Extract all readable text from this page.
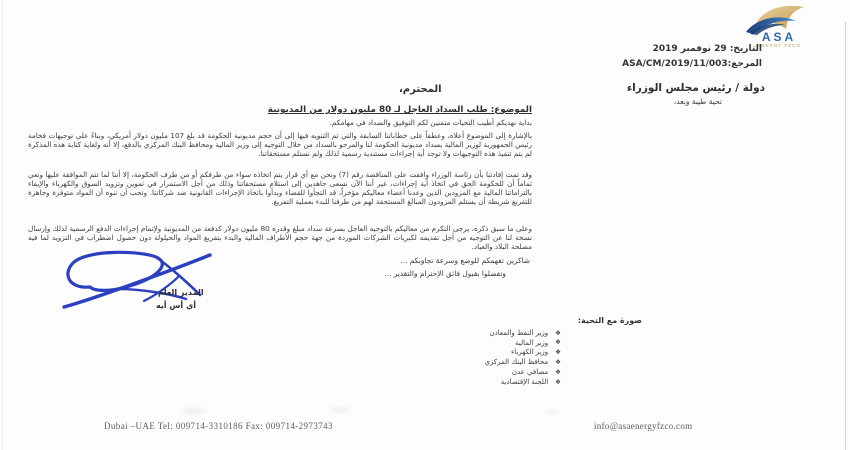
ASA
ENERGY FZCO
التاريخ: 29 نوفمبر 2019
المرجع:2019/11/003/ASA/CM
دولة / رئيس مجلس الوزراء
المحترم،
تحية طيبة وبعد،
الموضوع: طلب السداد العاجل لـ 80 مليون دولار من المديونية
بداية نهديكم أطيب التحيات متمنين لكم التوفيق والسداد في مهامكم.
بالإشارة إلى الموضوع أعلاه، وعطفاً على خطاباتنا السابقة والتي تم التنويه فيها إلى أن حجم مديونية الحكومة قد بلغ 107 مليون دولار أمريكي، وبناءً على توجيهات فخامة رئيس الجمهورية لوزير المالية بسداد مديونية الحكومة لنا والمرجو بالسداد من خلال التوجيه إلى وزير المالية ومحافظ البنك المركزي بالدفع، إلا أنه ولغاية كتابة هذه المذكرة لم يتم تنفيذ هذه التوجيهات ولا توجد أية إجراءات مستندية رسمية لذلك ولم نستلم مستحقاتنا.
وقد تمت إفادتنا بأن رئاسة الوزراء وافقت على المناقصة رقم (7) ونحن مع أي قرار يتم اتخاذه سواء من طرفكم أو من طرف الحكومة، إلا أننا لما تتم الموافقة عليها ونعي تماماً أن للحكومة الحق في اتخاذ أية إجراءات، غير أننا الآن نسعى جاهدين إلى استلام مستحقاتنا وذلك من أجل الاستمرار في تموين وتزويد السوق والكهرباء والإيفاء بالتزاماتنا المالية مع المزودين الذين وعدنا أعضاء معاليكم مؤخراً، قد التجأوا للقضاء وبدأوا باتخاذ الإجراءات القانونية ضد شركاتنا. ونحب أن ننوه أن المواد متوفرة وجاهزة للتفريغ شريطة أن يستلم المزودون المبالغ المستحقة لهم من طرفنا للبدء بعملية التفريغ.
وعلى ما سبق ذكره، يرجى التكرم من معاليكم بالتوجيه العاجل بسرعة سداد مبلغ وقدره 80 مليون دولار كدفعة من المديونية ولإتمام إجراءات الدفع الرسمية لذلك وإرسال نسخة لنا عن التوجيه من أجل تقديمه لكبريات الشركات الموردة من جهة حجم الأطراف المالية والبدء بتفريغ المواد والحيلولة دون حصول اضطراب في التزويد لما فيه مصلحة البلاد والعباد.
شاكرين تفهمكم للوضع وسرعة تجاوبكم ...
وتفضلوا بقبول فائق الإحترام والتقدير ...
المدير العام
أي أس أيه
صورة مع التحية:
❖
وزير النفط والمعادن
❖
وزير المالية
❖
وزير الكهرباء
❖
محافظ البنك المركزي
❖
مصافي عدن
❖
اللجنة الإقتصادية
Dubai –UAE Tel: 009714-3310186 Fax: 009714-2973743	info@asaenergyfzco.com
